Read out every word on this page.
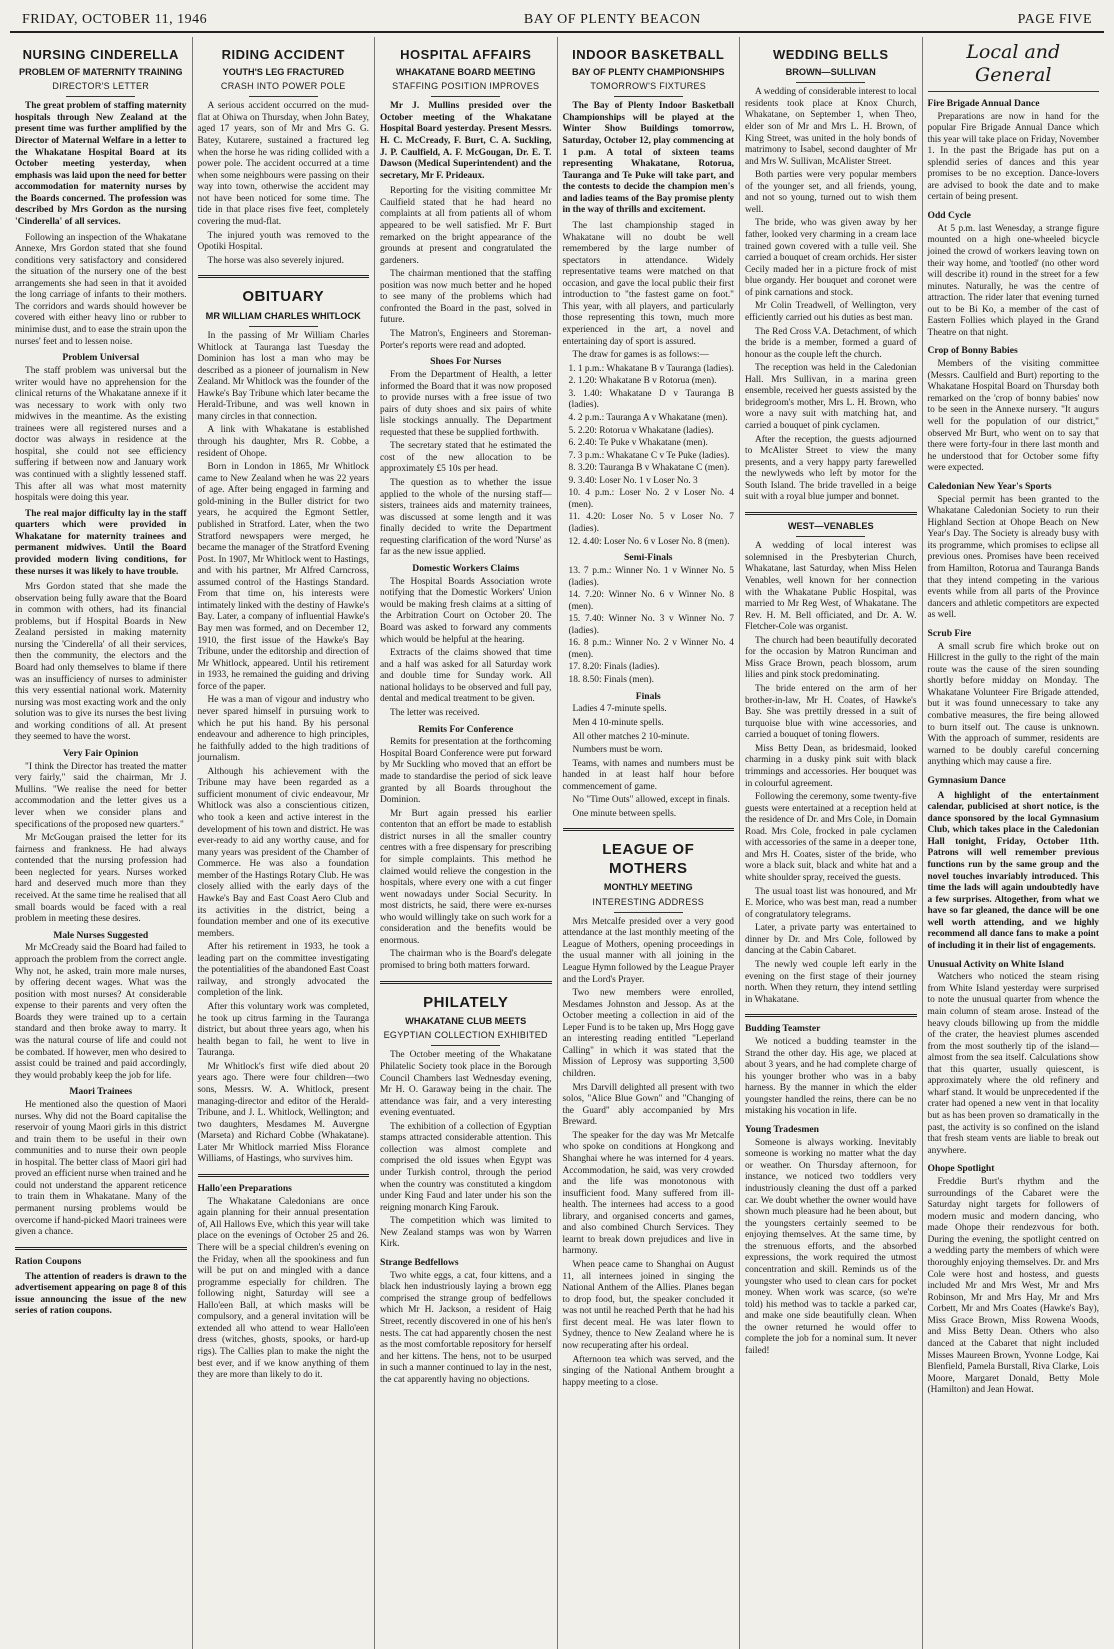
FRIDAY, OCTOBER 11, 1946	BAY OF PLENTY BEACON	PAGE FIVE
NURSING CINDERELLA
PROBLEM OF MATERNITY TRAINING
DIRECTOR'S LETTER
The great problem of staffing maternity hospitals through New Zealand at the present time was further amplified by the Director of Maternal Welfare in a letter to the Whakatane Hospital Board at its October meeting yesterday, when emphasis was laid upon the need for better accommodation for maternity nurses by the Boards concerned. The profession was described by Mrs Gordon as the nursing 'Cinderella' of all services.
Following an inspection of the Whakatane Annexe, Mrs Gordon stated that she found conditions very satisfactory and considered the situation of the nursery one of the best arrangements she had seen in that it avoided the long carriage of infants to their mothers. The corridors and wards should however be covered with either heavy lino or rubber to minimise dust, and to ease the strain upon the nurses' feet and to lessen noise.
Problem Universal
The staff problem was universal but the writer would have no apprehension for the clinical returns of the Whakatane annexe if it was necessary to work with only two midwives in the meantime. As the existing trainees were all registered nurses and a doctor was always in residence at the hospital, she could not see efficiency suffering if between now and January work was continued with a slightly lessened staff. This after all was what most maternity hospitals were doing this year.
The real major difficulty lay in the staff quarters which were provided in Whakatane for maternity trainees and permanent midwives. Until the Board provided modern living conditions, for these nurses it was likely to have trouble.
Mrs Gordon stated that she made the observation being fully aware that the Board in common with others, had its financial problems, but if Hospital Boards in New Zealand persisted in making maternity nursing the 'Cinderella' of all their services, then the community, the electors and the Board had only themselves to blame if there was an insufficiency of nurses to administer this very essential national work. Maternity nursing was most exacting work and the only solution was to give its nurses the best living and working conditions of all. At present they seemed to have the worst.
Very Fair Opinion
"I think the Director has treated the matter very fairly," said the chairman, Mr J. Mullins. "We realise the need for better accommodation and the letter gives us a lever when we consider plans and specifications of the proposed new quarters."
Mr McGougan praised the letter for its fairness and frankness. He had always contended that the nursing profession had been neglected for years. Nurses worked hard and deserved much more than they received. At the same time he realised that all small boards would be faced with a real problem in meeting these desires.
Male Nurses Suggested
Mr McCready said the Board had failed to approach the problem from the correct angle. Why not, he asked, train more male nurses, by offering decent wages. What was the position with most nurses? At considerable expense to their parents and very often the Boards they were trained up to a certain standard and then broke away to marry. It was the natural course of life and could not be combated. If however, men who desired to assist could be trained and paid accordingly, they would probably keep the job for life.
Maori Trainees
He mentioned also the question of Maori nurses. Why did not the Board capitalise the reservoir of young Maori girls in this district and train them to be useful in their own communities and to nurse their own people in hospital. The better class of Maori girl had proved an efficient nurse when trained and he could not understand the apparent reticence to train them in Whakatane. Many of the permanent nursing problems would be overcome if hand-picked Maori trainees were given a chance.
Ration Coupons
The attention of readers is drawn to the advertisement appearing on page 8 of this issue announcing the issue of the new series of ration coupons.
RIDING ACCIDENT
YOUTH'S LEG FRACTURED
CRASH INTO POWER POLE
A serious accident occurred on the mud-flat at Ohiwa on Thursday, when John Batey, aged 17 years, son of Mr and Mrs G. G. Batey, Kutarere, sustained a fractured leg when the horse he was riding collided with a power pole. The accident occurred at a time when some neighbours were passing on their way into town, otherwise the accident may not have been noticed for some time. The tide in that place rises five feet, completely covering the mud-flat.
The injured youth was removed to the Opotiki Hospital.
The horse was also severely injured.
OBITUARY
MR WILLIAM CHARLES WHITLOCK
In the passing of Mr William Charles Whitlock at Tauranga last Tuesday the Dominion has lost a man who may be described as a pioneer of journalism in New Zealand. Mr Whitlock was the founder of the Hawke's Bay Tribune which later became the Herald-Tribune, and was well known in many circles in that connection.
A link with Whakatane is established through his daughter, Mrs R. Cobbe, a resident of Ohope.
Born in London in 1865, Mr Whitlock came to New Zealand when he was 22 years of age. After being engaged in farming and gold-mining in the Buller district for two years, he acquired the Egmont Settler, published in Stratford. Later, when the two Stratford newspapers were merged, he became the manager of the Stratford Evening Post. In 1907, Mr Whitlock went to Hastings, and with his partner, Mr Alfred Carncross, assumed control of the Hastings Standard. From that time on, his interests were intimately linked with the destiny of Hawke's Bay. Later, a company of influential Hawke's Bay men was formed, and on December 12, 1910, the first issue of the Hawke's Bay Tribune, under the editorship and direction of Mr Whitlock, appeared. Until his retirement in 1933, he remained the guiding and driving force of the paper.
He was a man of vigour and industry who never spared himself in pursuing work to which he put his hand. By his personal endeavour and adherence to high principles, he faithfully added to the high traditions of journalism.
Although his achievement with the Tribune may have been regarded as a sufficient monument of civic endeavour, Mr Whitlock was also a conscientious citizen, who took a keen and active interest in the development of his town and district. He was ever-ready to aid any worthy cause, and for many years was president of the Chamber of Commerce. He was also a foundation member of the Hastings Rotary Club. He was closely allied with the early days of the Hawke's Bay and East Coast Aero Club and its activities in the district, being a foundation member and one of its executive members.
After his retirement in 1933, he took a leading part on the committee investigating the potentialities of the abandoned East Coast railway, and strongly advocated the completion of the link.
After this voluntary work was completed, he took up citrus farming in the Tauranga district, but about three years ago, when his health began to fail, he went to live in Tauranga.
Mr Whitlock's first wife died about 20 years ago. There were four children—two sons, Messrs. W. A. Whitlock, present managing-director and editor of the Herald-Tribune, and J. L. Whitlock, Wellington; and two daughters, Mesdames M. Auvergne (Marseta) and Richard Cobbe (Whakatane). Later Mr Whitlock married Miss Florance Williams, of Hastings, who survives him.
Hallo'een Preparations
The Whakatane Caledonians are once again planning for their annual presentation of, All Hallows Eve, which this year will take place on the evenings of October 25 and 26. There will be a special children's evening on the Friday, when all the spookiness and fun will be put on and mingled with a dance programme especially for children. The following night, Saturday will see a Hallo'een Ball, at which masks will be compulsory, and a general invitation will be extended all who attend to wear Hallo'een dress (witches, ghosts, spooks, or hard-up rigs). The Callies plan to make the night the best ever, and if we know anything of them they are more than likely to do it.
HOSPITAL AFFAIRS
WHAKATANE BOARD MEETING
STAFFING POSITION IMPROVES
Mr J. Mullins presided over the October meeting of the Whakatane Hospital Board yesterday. Present Messrs. H. C. McCready, F. Burt, C. A. Suckling, J. P. Caulfield, A. F. McGougan, Dr. E. T. Dawson (Medical Superintendent) and the secretary, Mr F. Prideaux.
Reporting for the visiting committee Mr Caulfield stated that he had heard no complaints at all from patients all of whom appeared to be well satisfied. Mr F. Burt remarked on the bright appearance of the grounds at present and congratulated the gardeners.
The chairman mentioned that the staffing position was now much better and he hoped to see many of the problems which had confronted the Board in the past, solved in future.
The Matron's, Engineers and Storeman-Porter's reports were read and adopted.
Shoes For Nurses
From the Department of Health, a letter informed the Board that it was now proposed to provide nurses with a free issue of two pairs of duty shoes and six pairs of white lisle stockings annually. The Department requested that these be supplied forthwith.
The secretary stated that he estimated the cost of the new allocation to be approximately £5 10s per head.
The question as to whether the issue applied to the whole of the nursing staff—sisters, trainees aids and maternity trainees, was discussed at some length and it was finally decided to write the Department requesting clarification of the word 'Nurse' as far as the new issue applied.
Domestic Workers Claims
The Hospital Boards Association wrote notifying that the Domestic Workers' Union would be making fresh claims at a sitting of the Arbitration Court on October 20. The Board was asked to forward any comments which would be helpful at the hearing.
Extracts of the claims showed that time and a half was asked for all Saturday work and double time for Sunday work. All national holidays to be observed and full pay, dental and medical treatment to be given.
The letter was received.
Remits For Conference
Remits for presentation at the forthcoming Hospital Board Conference were put forward by Mr Suckling who moved that an effort be made to standardise the period of sick leave granted by all Boards throughout the Dominion.
Mr Burt again pressed his earlier contenton that an effort be made to establish district nurses in all the smaller country centres with a free dispensary for prescribing for simple complaints. This method he claimed would relieve the congestion in the hospitals, where every one with a cut finger went nowadays under Social Security. In most districts, he said, there were ex-nurses who would willingly take on such work for a consideration and the benefits would be enormous.
The chairman who is the Board's delegate promised to bring both matters forward.
PHILATELY
WHAKATANE CLUB MEETS
EGYPTIAN COLLECTION EXHIBITED
The October meeting of the Whakatane Philatelic Society took place in the Borough Council Chambers last Wednesday evening, Mr H. O. Garaway being in the chair. The attendance was fair, and a very interesting evening eventuated.
The exhibition of a collection of Egyptian stamps attracted considerable attention. This collection was almost complete and comprised the old issues when Egypt was under Turkish control, through the period when the country was constituted a kingdom under King Faud and later under his son the reigning monarch King Farouk.
The competition which was limited to New Zealand stamps was won by Warren Kirk.
Strange Bedfellows
Two white eggs, a cat, four kittens, and a black hen industriously laying a brown egg comprised the strange group of bedfellows which Mr H. Jackson, a resident of Haig Street, recently discovered in one of his hen's nests. The cat had apparently chosen the nest as the most comfortable repository for herself and her kittens. The hens, not to be usurped in such a manner continued to lay in the nest, the cat apparently having no objections.
INDOOR BASKETBALL
BAY OF PLENTY CHAMPIONSHIPS
TOMORROW'S FIXTURES
The Bay of Plenty Indoor Basketball Championships will be played at the Winter Show Buildings tomorrow, Saturday, October 12, play commencing at 1 p.m. A total of sixteen teams representing Whakatane, Rotorua, Tauranga and Te Puke will take part, and the contests to decide the champion men's and ladies teams of the Bay promise plenty in the way of thrills and excitement.
The last championship staged in Whakatane will no doubt be well remembered by the large number of spectators in attendance. Widely representative teams were matched on that occasion, and gave the local public their first introduction to "the fastest game on foot." This year, with all players, and particularly those representing this town, much more experienced in the art, a novel and entertaining day of sport is assured.
The draw for games is as follows:—
1. 1 p.m.: Whakatane B v Tauranga (ladies).
2. 1.20: Whakatane B v Rotorua (men).
3. 1.40: Whakatane D v Tauranga B (ladies).
4. 2 p.m.: Tauranga A v Whakatane (men).
5. 2.20: Rotorua v Whakatane (ladies).
6. 2.40: Te Puke v Whakatane (men).
7. 3 p.m.: Whakatane C v Te Puke (ladies).
8. 3.20: Tauranga B v Whakatane C (men).
9. 3.40: Loser No. 1 v Loser No. 3
10. 4 p.m.: Loser No. 2 v Loser No. 4 (men).
11. 4.20: Loser No. 5 v Loser No. 7 (ladies).
12. 4.40: Loser No. 6 v Loser No. 8 (men).
Semi-Finals
13. 7 p.m.: Winner No. 1 v Winner No. 5 (ladies).
14. 7.20: Winner No. 6 v Winner No. 8 (men).
15. 7.40: Winner No. 3 v Winner No. 7 (ladies).
16. 8 p.m.: Winner No. 2 v Winner No. 4 (men).
17. 8.20: Finals (ladies).
18. 8.50: Finals (men).
Finals
Ladies 4 7-minute spells.
Men 4 10-minute spells.
All other matches 2 10-minute.
Numbers must be worn.
Teams, with names and numbers must be handed in at least half hour before commencement of game.
No "Time Outs" allowed, except in finals.
One minute between spells.
LEAGUE OF MOTHERS
MONTHLY MEETING
INTERESTING ADDRESS
Mrs Metcalfe presided over a very good attendance at the last monthly meeting of the League of Mothers, opening proceedings in the usual manner with all joining in the League Hymn followed by the League Prayer and the Lord's Prayer.
Two new members were enrolled, Mesdames Johnston and Jessop. As at the October meeting a collection in aid of the Leper Fund is to be taken up, Mrs Hogg gave an interesting reading entitled "Leperland Calling" in which it was stated that the Mission of Leprosy was supporting 3,500 children.
Mrs Darvill delighted all present with two solos, "Alice Blue Gown" and "Changing of the Guard" ably accompanied by Mrs Breward.
The speaker for the day was Mr Metcalfe who spoke on conditions at Hongkong and Shanghai where he was interned for 4 years. Accommodation, he said, was very crowded and the life was monotonous with insufficient food. Many suffered from ill-health. The internees had access to a good library, and organised concerts and games, and also combined Church Services. They learnt to break down prejudices and live in harmony.
When peace came to Shanghai on August 11, all internees joined in singing the National Anthem of the Allies. Planes began to drop food, but, the speaker concluded it was not until he reached Perth that he had his first decent meal. He was later flown to Sydney, thence to New Zealand where he is now recuperating after his ordeal.
Afternoon tea which was served, and the singing of the National Anthem brought a happy meeting to a close.
WEDDING BELLS
BROWN—SULLIVAN
A wedding of considerable interest to local residents took place at Knox Church, Whakatane, on September 1, when Theo, elder son of Mr and Mrs L. H. Brown, of King Street, was united in the holy bonds of matrimony to Isabel, second daughter of Mr and Mrs W. Sullivan, McAlister Street.
Both parties were very popular members of the younger set, and all friends, young, and not so young, turned out to wish them well.
The bride, who was given away by her father, looked very charming in a cream lace trained gown covered with a tulle veil. She carried a bouquet of cream orchids. Her sister Cecily maded her in a picture frock of mist blue organdy. Her bouquet and coronet were of pink carnations and stock.
Mr Colin Treadwell, of Wellington, very efficiently carried out his duties as best man.
The Red Cross V.A. Detachment, of which the bride is a member, formed a guard of honour as the couple left the church.
The reception was held in the Caledonian Hall. Mrs Sullivan, in a marina green ensemble, received her guests assisted by the bridegroom's mother, Mrs L. H. Brown, who wore a navy suit with matching hat, and carried a bouquet of pink cyclamen.
After the reception, the guests adjourned to McAlister Street to view the many presents, and a very happy party farewelled the newlyweds who left by motor for the South Island. The bride travelled in a beige suit with a royal blue jumper and bonnet.
WEST—VENABLES
A wedding of local interest was solemnised in the Presbyterian Church, Whakatane, last Saturday, when Miss Helen Venables, well known for her connection with the Whakatane Public Hospital, was married to Mr Reg West, of Whakatane. The Rev. H. M. Bell officiated, and Dr. A. W. Fletcher-Cole was organist.
The church had been beautifully decorated for the occasion by Matron Runciman and Miss Grace Brown, peach blossom, arum lilies and pink stock predominating.
The bride entered on the arm of her brother-in-law, Mr H. Coates, of Hawke's Bay. She was prettily dressed in a suit of turquoise blue with wine accessories, and carried a bouquet of toning flowers.
Miss Betty Dean, as bridesmaid, looked charming in a dusky pink suit with black trimmings and accessories. Her bouquet was in colourful agreement.
Following the ceremony, some twenty-five guests were entertained at a reception held at the residence of Dr. and Mrs Cole, in Domain Road. Mrs Cole, frocked in pale cyclamen with accessories of the same in a deeper tone, and Mrs H. Coates, sister of the bride, who wore a black suit, black and white hat and a white shoulder spray, received the guests.
The usual toast list was honoured, and Mr E. Morice, who was best man, read a number of congratulatory telegrams.
Later, a private party was entertained to dinner by Dr. and Mrs Cole, followed by dancing at the Cabin Cabaret.
The newly wed couple left early in the evening on the first stage of their journey north. When they return, they intend settling in Whakatane.
Budding Teamster
We noticed a budding teamster in the Strand the other day. His age, we placed at about 3 years, and he had complete charge of his younger brother who was in a baby harness. By the manner in which the elder youngster handled the reins, there can be no mistaking his vocation in life.
Young Tradesmen
Someone is always working. Inevitably someone is working no matter what the day or weather. On Thursday afternoon, for instance, we noticed two toddlers very industriously cleaning the dust off a parked car. We doubt whether the owner would have shown much pleasure had he been about, but the youngsters certainly seemed to be enjoying themselves. At the same time, by the strenuous efforts, and the absorbed expressions, the work required the utmost concentration and skill. Reminds us of the youngster who used to clean cars for pocket money. When work was scarce, (so we're told) his method was to tackle a parked car, and make one side beautifully clean. When the owner returned he would offer to complete the job for a nominal sum. It never failed!
Local and General
Fire Brigade Annual Dance
Preparations are now in hand for the popular Fire Brigade Annual Dance which this year will take place on Friday, November 1. In the past the Brigade has put on a splendid series of dances and this year promises to be no exception. Dance-lovers are advised to book the date and to make certain of being present.
Odd Cycle
At 5 p.m. last Wenesday, a strange figure mounted on a high one-wheeled bicycle joined the crowd of workers leaving town on their way home, and 'tootled' (no other word will describe it) round in the street for a few minutes. Naturally, he was the centre of attraction. The rider later that evening turned out to be Bi Ko, a member of the cast of Eastern Follies which played in the Grand Theatre on that night.
Crop of Bonny Babies
Members of the visiting committee (Messrs. Caulfield and Burt) reporting to the Whakatane Hospital Board on Thursday both remarked on the 'crop of bonny babies' now to be seen in the Annexe nursery. "It augurs well for the population of our district," observed Mr Burt, who went on to say that there were forty-four in there last month and he understood that for October some fifty were expected.
Caledonian New Year's Sports
Special permit has been granted to the Whakatane Caledonian Society to run their Highland Section at Ohope Beach on New Year's Day. The Society is already busy with its programme, which promises to eclipse all previous ones. Promises have been received from Hamilton, Rotorua and Tauranga Bands that they intend competing in the various events while from all parts of the Province dancers and athletic competitors are expected as well.
Scrub Fire
A small scrub fire which broke out on Hillcrest in the gully to the right of the main route was the cause of the siren sounding shortly before midday on Monday. The Whakatane Volunteer Fire Brigade attended, but it was found unnecessary to take any combative measures, the fire being allowed to burn itself out. The cause is unknown. With the approach of summer, residents are warned to be doubly careful concerning anything which may cause a fire.
Gymnasium Dance
A highlight of the entertainment calendar, publicised at short notice, is the dance sponsored by the local Gymnasium Club, which takes place in the Caledonian Hall tonight, Friday, October 11th. Patrons will well remember previous functions run by the same group and the novel touches invariably introduced. This time the lads will again undoubtedly have a few surprises. Altogether, from what we have so far gleaned, the dance will be one well worth attending, and we highly recommend all dance fans to make a point of including it in their list of engagements.
Unusual Activity on White Island
Watchers who noticed the steam rising from White Island yesterday were surprised to note the unusual quarter from whence the main column of steam arose. Instead of the heavy clouds billowing up from the middle of the crater, the heaviest plumes ascended from the most southerly tip of the island—almost from the sea itself. Calculations show that this quarter, usually quiescent, is approximately where the old refinery and wharf stand. It would be unprecedented if the crater had opened a new vent in that locality but as has been proven so dramatically in the past, the activity is so confined on the island that fresh steam vents are liable to break out anywhere.
Ohope Spotlight
Freddie Burt's rhythm and the surroundings of the Cabaret were the Saturday night targets for followers of modern music and modern dancing, who made Ohope their rendezvous for both. During the evening, the spotlight centred on a wedding party the members of which were thoroughly enjoying themselves. Dr. and Mrs Cole were host and hostess, and guests included Mr and Mrs West, Mr and Mrs Robinson, Mr and Mrs Hay, Mr and Mrs Corbett, Mr and Mrs Coates (Hawke's Bay), Miss Grace Brown, Miss Rowena Woods, and Miss Betty Dean. Others who also danced at the Cabaret that night included Misses Maureen Brown, Yvonne Lodge, Kai Blenfield, Pamela Burstall, Riva Clarke, Lois Moore, Margaret Donald, Betty Mole (Hamilton) and Jean Howat.
